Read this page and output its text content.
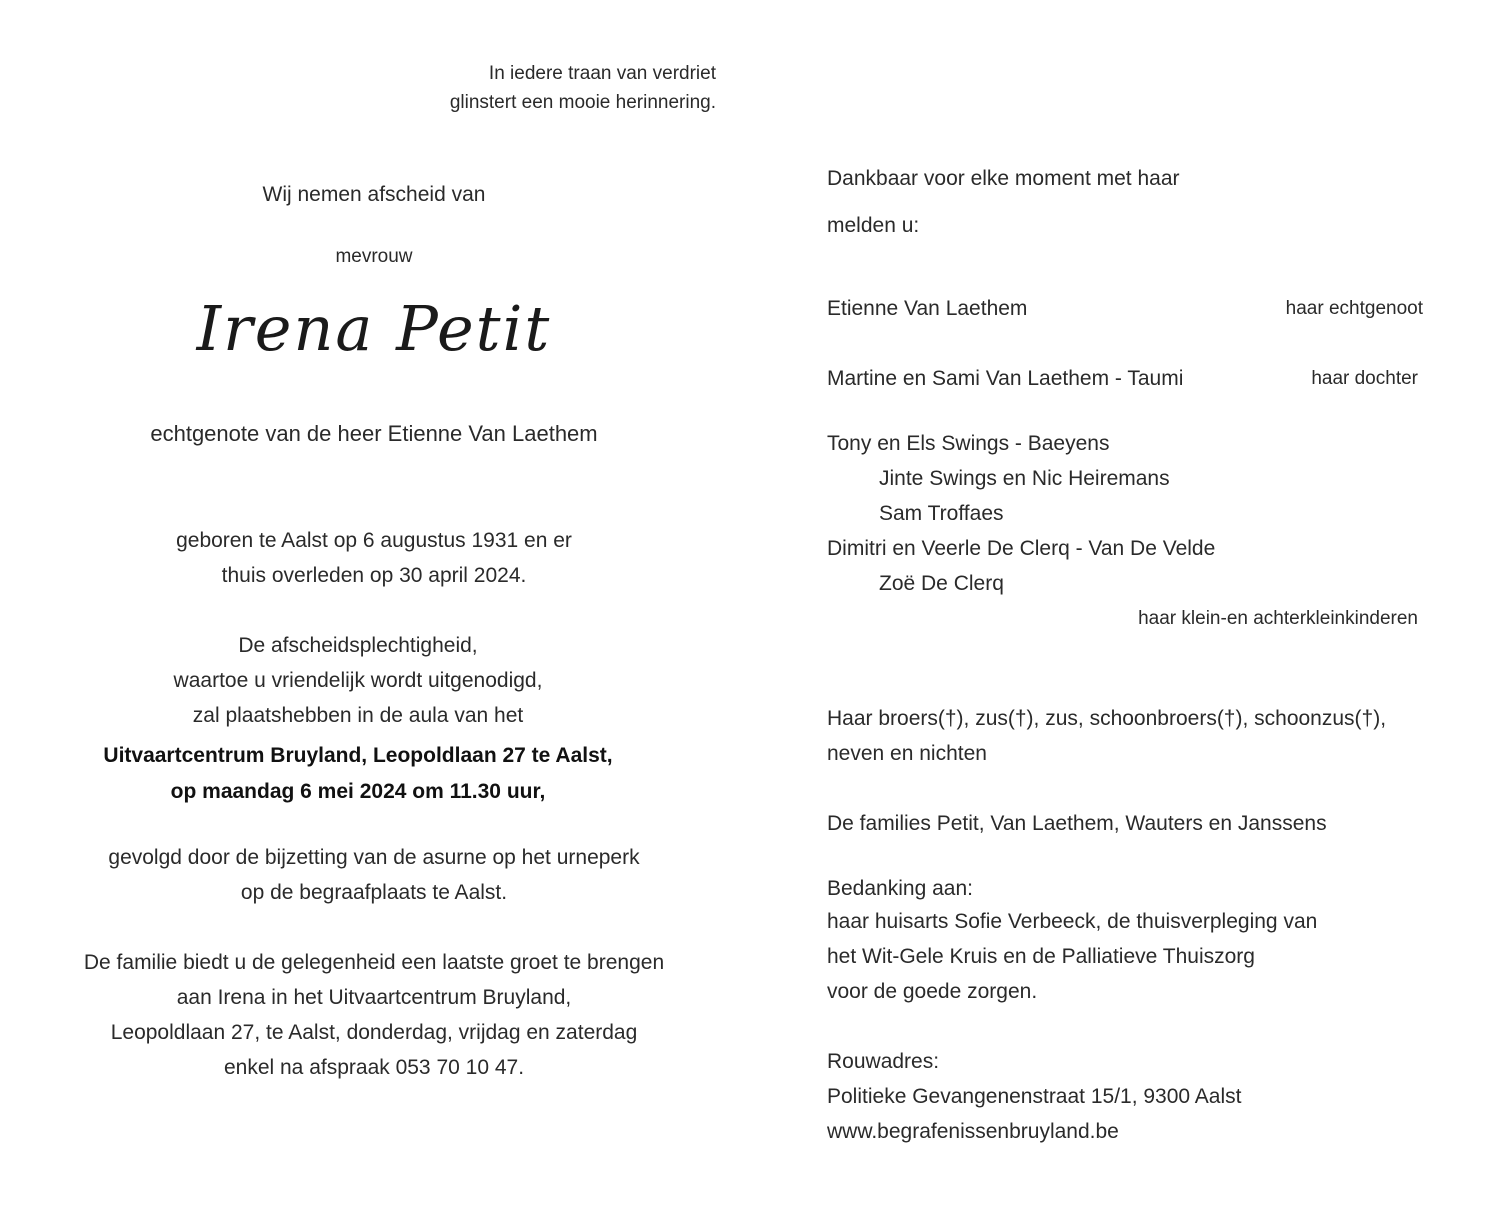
In iedere traan van verdriet
glinstert een mooie herinnering.
Wij nemen afscheid van
mevrouw
Irena Petit
echtgenote van de heer Etienne Van Laethem
geboren te Aalst op 6 augustus 1931 en er
thuis overleden op 30 april 2024.
De afscheidsplechtigheid,
waartoe u vriendelijk wordt uitgenodigd,
zal plaatshebben in de aula van het
Uitvaartcentrum Bruyland, Leopoldlaan 27 te Aalst,
op maandag 6 mei 2024 om 11.30 uur,
gevolgd door de bijzetting van de asurne op het urneperk
op de begraafplaats te Aalst.
De familie biedt u de gelegenheid een laatste groet te brengen
aan Irena in het Uitvaartcentrum Bruyland,
Leopoldlaan 27, te Aalst, donderdag, vrijdag en zaterdag
enkel na afspraak 053 70 10 47.
Dankbaar voor elke moment met haar
melden u:
Etienne Van Laethem	haar echtgenoot
Martine en Sami Van Laethem - Taumi	haar dochter
Tony en Els Swings - Baeyens
Jinte Swings en Nic Heiremans
Sam Troffaes
Dimitri en Veerle De Clerq - Van De Velde
Zoë De Clerq
haar klein-en achterkleinkinderen
Haar broers(†), zus(†), zus, schoonbroers(†), schoonzus(†),
neven en nichten
De families Petit, Van Laethem, Wauters en Janssens
Bedanking aan:
haar huisarts Sofie Verbeeck, de thuisverpleging van
het Wit-Gele Kruis en de Palliatieve Thuiszorg
voor de goede zorgen.
Rouwadres:
Politieke Gevangenenstraat 15/1, 9300 Aalst
www.begrafenissenbruyland.be
